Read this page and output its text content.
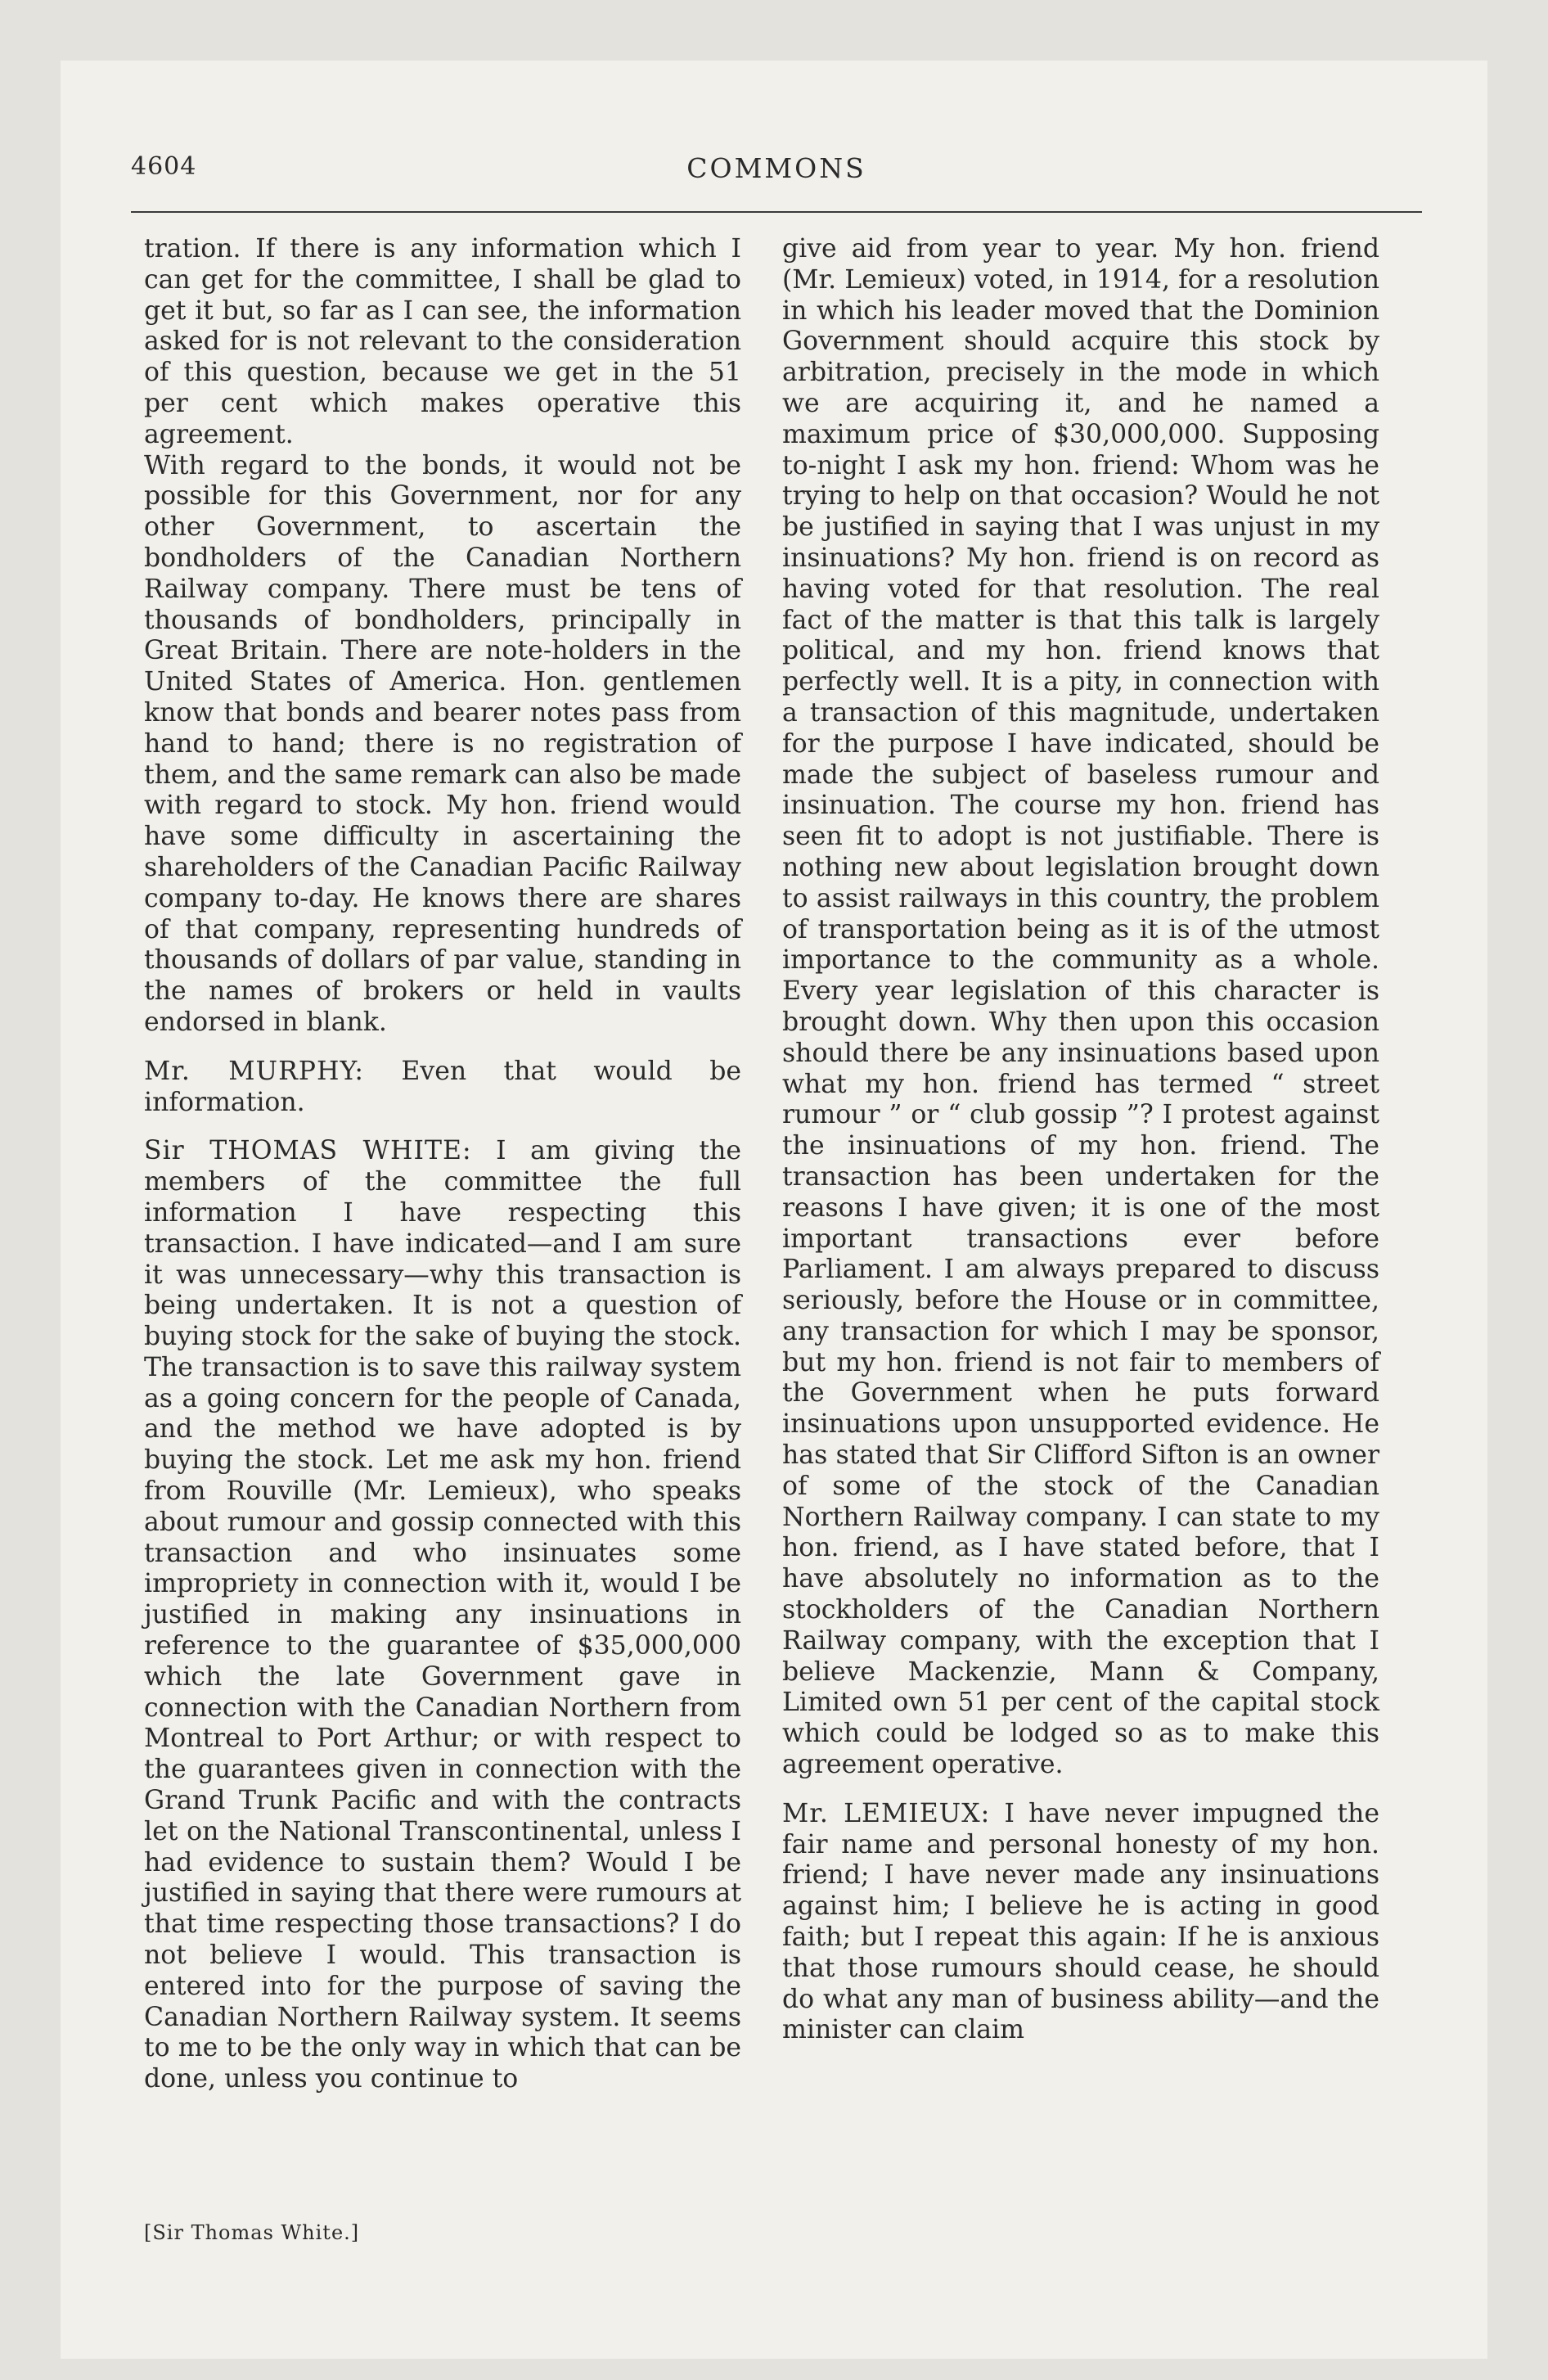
4604	COMMONS

tration. If there is any information which I can get for the committee, I shall be glad to get it but, so far as I can see, the information asked for is not relevant to the consideration of this question, because we get in the 51 per cent which makes operative this agreement.

With regard to the bonds, it would not be possible for this Government, nor for any other Government, to ascertain the bondholders of the Canadian Northern Railway company. There must be tens of thousands of bondholders, principally in Great Britain. There are note-holders in the United States of America. Hon. gentlemen know that bonds and bearer notes pass from hand to hand; there is no registration of them, and the same remark can also be made with regard to stock. My hon. friend would have some difficulty in ascertaining the shareholders of the Canadian Pacific Railway company to-day. He knows there are shares of that company, representing hundreds of thousands of dollars of par value, standing in the names of brokers or held in vaults endorsed in blank.

Mr. MURPHY: Even that would be information.

Sir THOMAS WHITE: I am giving the members of the committee the full information I have respecting this transaction. I have indicated—and I am sure it was unnecessary—why this transaction is being undertaken. It is not a question of buying stock for the sake of buying the stock. The transaction is to save this railway system as a going concern for the people of Canada, and the method we have adopted is by buying the stock. Let me ask my hon. friend from Rouville (Mr. Lemieux), who speaks about rumour and gossip connected with this transaction and who insinuates some impropriety in connection with it, would I be justified in making any insinuations in reference to the guarantee of $35,000,000 which the late Government gave in connection with the Canadian Northern from Montreal to Port Arthur; or with respect to the guarantees given in connection with the Grand Trunk Pacific and with the contracts let on the National Transcontinental, unless I had evidence to sustain them? Would I be justified in saying that there were rumours at that time respecting those transactions? I do not believe I would. This transaction is entered into for the purpose of saving the Canadian Northern Railway system. It seems to me to be the only way in which that can be done, unless you continue to

give aid from year to year. My hon. friend (Mr. Lemieux) voted, in 1914, for a resolution in which his leader moved that the Dominion Government should acquire this stock by arbitration, precisely in the mode in which we are acquiring it, and he named a maximum price of $30,000,000. Supposing to-night I ask my hon. friend: Whom was he trying to help on that occasion? Would he not be justified in saying that I was unjust in my insinuations? My hon. friend is on record as having voted for that resolution. The real fact of the matter is that this talk is largely political, and my hon. friend knows that perfectly well. It is a pity, in connection with a transaction of this magnitude, undertaken for the purpose I have indicated, should be made the subject of baseless rumour and insinuation. The course my hon. friend has seen fit to adopt is not justifiable. There is nothing new about legislation brought down to assist railways in this country, the problem of transportation being as it is of the utmost importance to the community as a whole. Every year legislation of this character is brought down. Why then upon this occasion should there be any insinuations based upon what my hon. friend has termed “ street rumour ” or “ club gossip ”? I protest against the insinuations of my hon. friend. The transaction has been undertaken for the reasons I have given; it is one of the most important transactions ever before Parliament. I am always prepared to discuss seriously, before the House or in committee, any transaction for which I may be sponsor, but my hon. friend is not fair to members of the Government when he puts forward insinuations upon unsupported evidence. He has stated that Sir Clifford Sifton is an owner of some of the stock of the Canadian Northern Railway company. I can state to my hon. friend, as I have stated before, that I have absolutely no information as to the stockholders of the Canadian Northern Railway company, with the exception that I believe Mackenzie, Mann & Company, Limited own 51 per cent of the capital stock which could be lodged so as to make this agreement operative.

Mr. LEMIEUX: I have never impugned the fair name and personal honesty of my hon. friend; I have never made any insinuations against him; I believe he is acting in good faith; but I repeat this again: If he is anxious that those rumours should cease, he should do what any man of business ability—and the minister can claim

[Sir Thomas White.]
